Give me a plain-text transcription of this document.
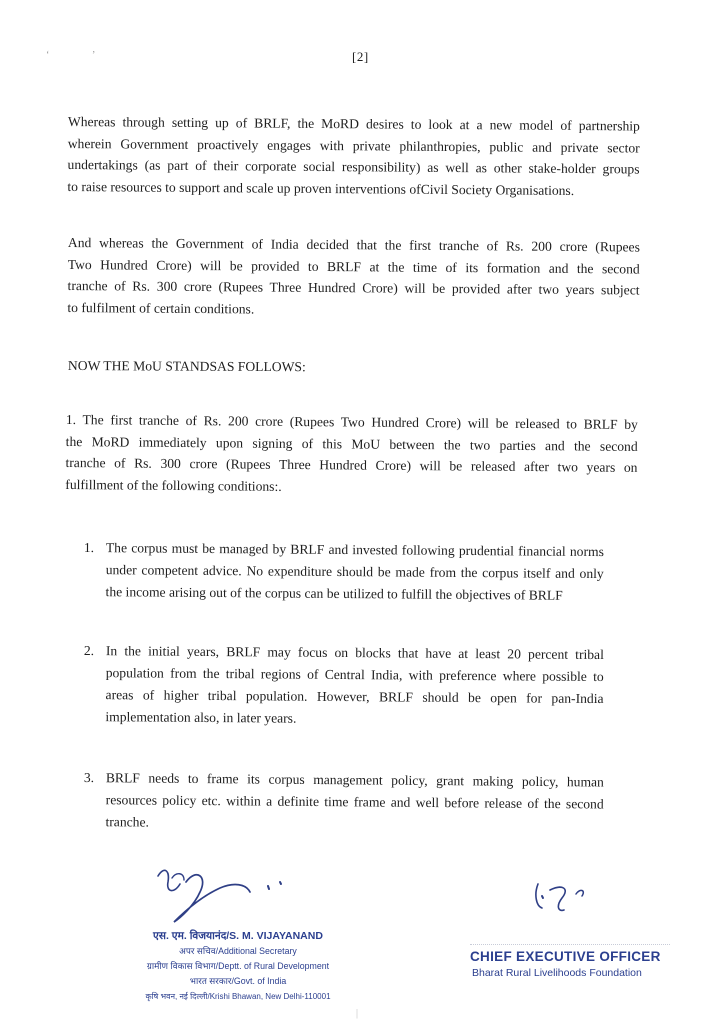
‘	’	[2]
Whereas through setting up of BRLF, the MoRD desires to look at a new model of partnership
wherein Government proactively engages with private philanthropies, public and private sector
undertakings (as part of their corporate social responsibility) as well as other stake-holder groups
to raise resources to support and scale up proven interventions ofCivil Society Organisations.
And whereas the Government of India decided that the first tranche of Rs. 200 crore (Rupees
Two Hundred Crore) will be provided to BRLF at the time of its formation and the second
tranche of Rs. 300 crore (Rupees Three Hundred Crore) will be provided after two years subject
to fulfilment of certain conditions.
NOW THE MoU STANDSAS FOLLOWS:
1. The first tranche of Rs. 200 crore (Rupees Two Hundred Crore) will be released to BRLF by
the MoRD immediately upon signing of this MoU between the two parties and the second
tranche of Rs. 300 crore (Rupees Three Hundred Crore) will be released after two years on
fulfillment of the following conditions:.
1. The corpus must be managed by BRLF and invested following prudential financial norms
under competent advice. No expenditure should be made from the corpus itself and only
the income arising out of the corpus can be utilized to fulfill the objectives of BRLF
2. In the initial years, BRLF may focus on blocks that have at least 20 percent tribal
population from the tribal regions of Central India, with preference where possible to
areas of higher tribal population. However, BRLF should be open for pan-India
implementation also, in later years.
3. BRLF needs to frame its corpus management policy, grant making policy, human
resources policy etc. within a definite time frame and well before release of the second
tranche.
एस. एम. विजयानंद/S. M. VIJAYANAND
अपर सचिव/Additional Secretary
ग्रामीण विकास विभाग/Deptt. of Rural Development
भारत सरकार/Govt. of India
कृषि भवन, नई दिल्ली/Krishi Bhawan, New Delhi-110001
CHIEF EXECUTIVE OFFICER
Bharat Rural Livelihoods Foundation
|
